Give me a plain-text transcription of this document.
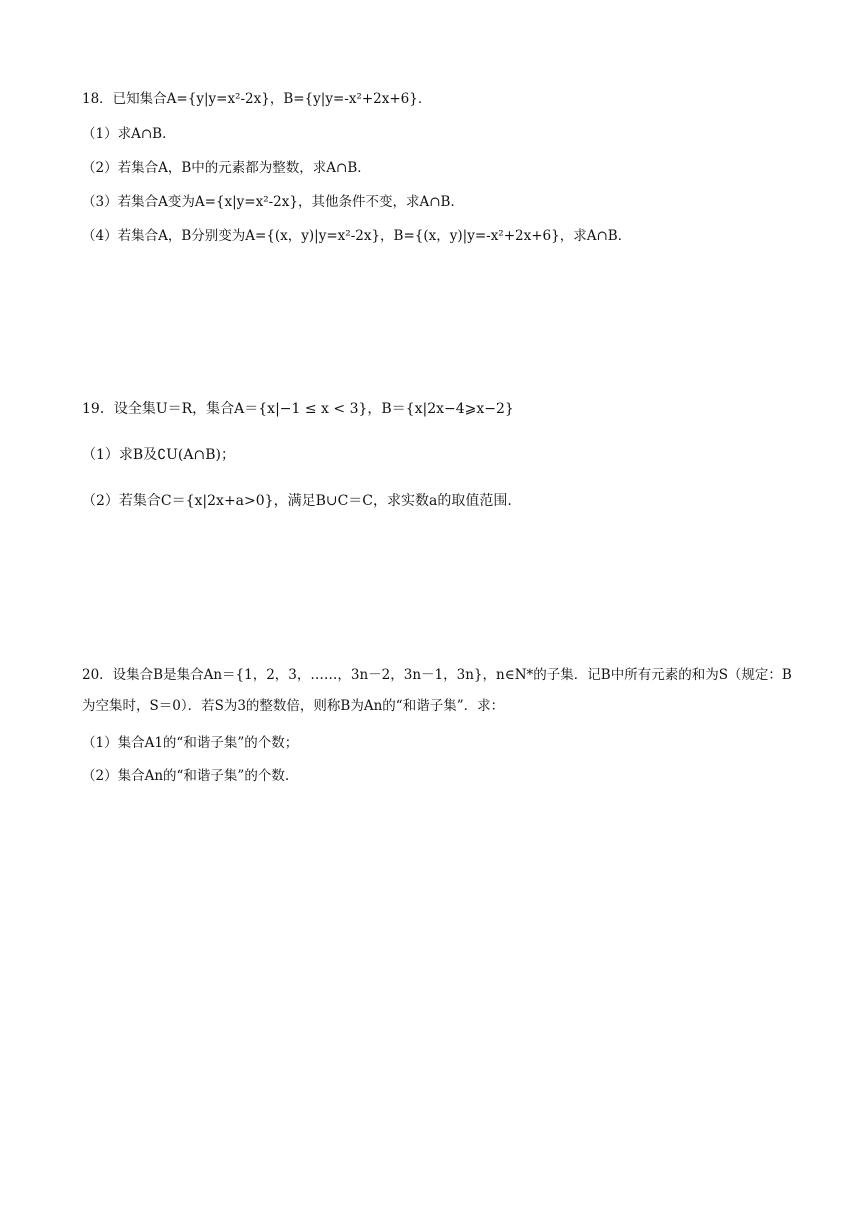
18．已知集合A={y|y=x²-2x}，B={y|y=-x²+2x+6}．
（1）求A∩B．
（2）若集合A，B中的元素都为整数，求A∩B．
（3）若集合A变为A={x|y=x²-2x}，其他条件不变，求A∩B．
（4）若集合A，B分别变为A={(x，y)|y=x²-2x}，B={(x，y)|y=-x²+2x+6}，求A∩B．
19．设全集U＝R，集合A＝{x|−1 ≤ x < 3}，B＝{x|2x−4⩾x−2}
（1）求B及∁U(A∩B)；
（2）若集合C＝{x|2x+a>0}，满足B∪C＝C，求实数a的取值范围.
20．设集合B是集合An＝{1，2，3，……，3n－2，3n－1，3n}，n∈N*的子集．记B中所有元素的和为S（规定：B为空集时，S＝0）．若S为3的整数倍，则称B为An的“和谐子集”．求：
（1）集合A1的“和谐子集”的个数；
（2）集合An的“和谐子集”的个数.
